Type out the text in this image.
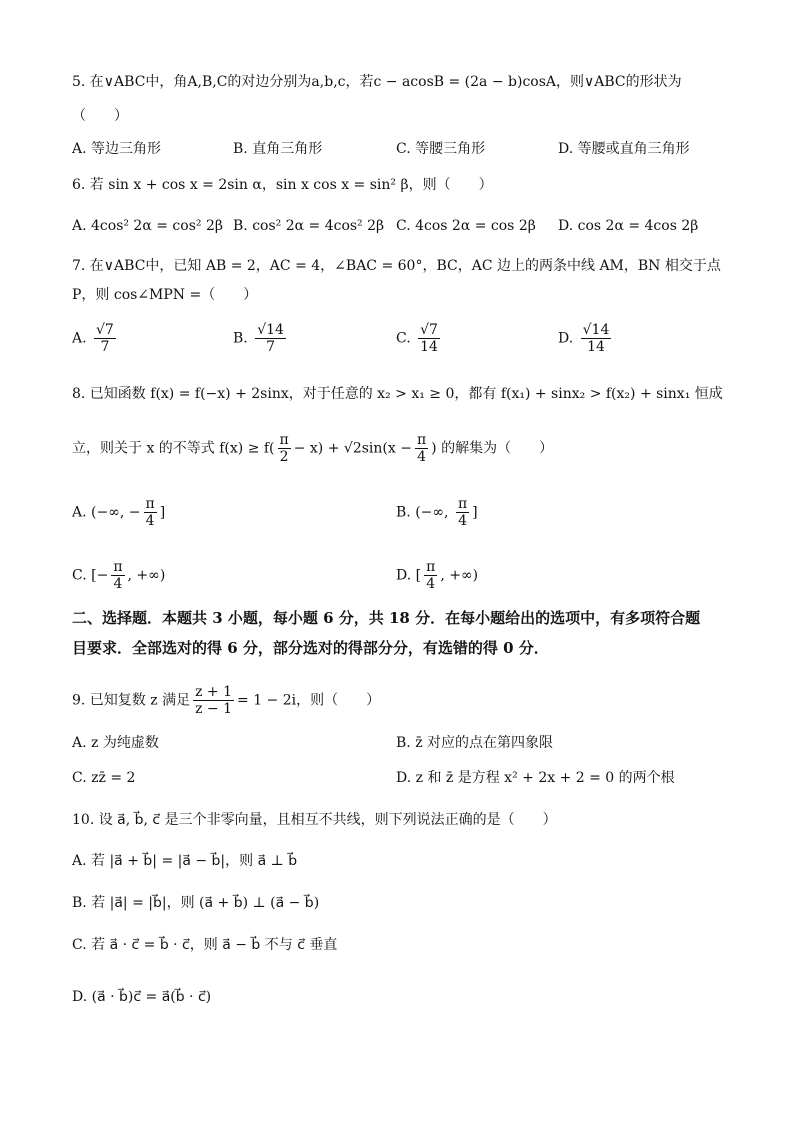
5. 在∨ABC中，角A,B,C的对边分别为a,b,c，若c − acosB = (2a − b)cosA，则∨ABC的形状为
（　　）
A. 等边三角形	B. 直角三角形	C. 等腰三角形	D. 等腰或直角三角形
6. 若 sin x + cos x = 2sin α，sin x cos x = sin² β，则（　　）
A. 4cos² 2α = cos² 2β B. cos² 2α = 4cos² 2β C. 4cos 2α = cos 2β D. cos 2α = 4cos 2β
7. 在∨ABC中，已知 AB = 2，AC = 4，∠BAC = 60°，BC，AC 边上的两条中线 AM，BN 相交于点
P，则 cos∠MPN =（　　）
A. $\frac{√7}{7}$	B. $\frac{√14}{7}$	C. $\frac{√7}{14}$	D. $\frac{√14}{14}$
8. 已知函数 f(x) = f(−x) + 2sinx，对于任意的 x₂ > x₁ ≥ 0，都有 f(x₁) + sinx₂ > f(x₂) + sinx₁ 恒成
立，则关于 x 的不等式 $f(x) \ge f( \frac{\pi}{2} - x) + √2\sin(x - \frac{\pi}{4}$ ) 的解集为（　　）
A. (−∞, − $\frac{\pi}{4}$ ]	B. (−∞, $\frac{\pi}{4}$ ]
C. [− $\frac{\pi}{4}$ , +∞)	D. [ $\frac{\pi}{4}$ , +∞)
二、选择题．本题共 3 小题，每小题 6 分，共 18 分．在每小题给出的选项中，有多项符合题
目要求．全部选对的得 6 分，部分选对的得部分分，有选错的得 0 分．
9. 已知复数 z 满足 $\frac{z + 1}{z - 1} = 1 - 2i$，则（　　）
A. z 为纯虚数	B. z̄ 对应的点在第四象限
C. zz̄ = 2	D. z 和 z̄ 是方程 x² + 2x + 2 = 0 的两个根
10. 设 a⃗, b⃗, c⃗ 是三个非零向量，且相互不共线，则下列说法正确的是（　　）
A. 若 |a⃗ + b⃗| = |a⃗ − b⃗|，则 a⃗ ⊥ b⃗
B. 若 |a⃗| = |b⃗|，则 (a⃗ + b⃗) ⊥ (a⃗ − b⃗)
C. 若 a⃗ · c⃗ = b⃗ · c⃗，则 a⃗ − b⃗ 不与 c⃗ 垂直
D. (a⃗ · b⃗)c⃗ = a⃗(b⃗ · c⃗)
